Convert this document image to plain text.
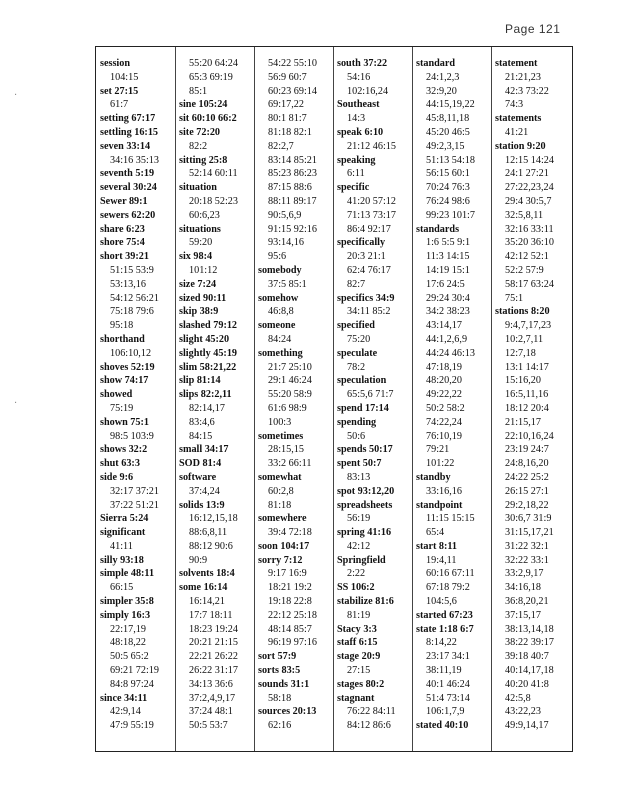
Page 121
·
·
session
104:15
set 27:15
61:7
setting 67:17
settling 16:15
seven 33:14
34:16 35:13
seventh 5:19
several 30:24
Sewer 89:1
sewers 62:20
share 6:23
shore 75:4
short 39:21
51:15 53:9
53:13,16
54:12 56:21
75:18 79:6
95:18
shorthand
106:10,12
shoves 52:19
show 74:17
showed
75:19
shown 75:1
98:5 103:9
shows 32:2
shut 63:3
side 9:6
32:17 37:21
37:22 51:21
Sierra 5:24
significant
41:11
silly 93:18
simple 48:11
66:15
simpler 35:8
simply 16:3
22:17,19
48:18,22
50:5 65:2
69:21 72:19
84:8 97:24
since 34:11
42:9,14
47:9 55:19
55:20 64:24
65:3 69:19
85:1
sine 105:24
sit 60:10 66:2
site 72:20
82:2
sitting 25:8
52:14 60:11
situation
20:18 52:23
60:6,23
situations
59:20
six 98:4
101:12
size 7:24
sized 90:11
skip 38:9
slashed 79:12
slight 45:20
slightly 45:19
slim 58:21,22
slip 81:14
slips 82:2,11
82:14,17
83:4,6
84:15
small 34:17
SOD 81:4
software
37:4,24
solids 13:9
16:12,15,18
88:6,8,11
88:12 90:6
90:9
solvents 18:4
some 16:14
16:14,21
17:7 18:11
18:23 19:24
20:21 21:15
22:21 26:22
26:22 31:17
34:13 36:6
37:2,4,9,17
37:24 48:1
50:5 53:7
54:22 55:10
56:9 60:7
60:23 69:14
69:17,22
80:1 81:7
81:18 82:1
82:2,7
83:14 85:21
85:23 86:23
87:15 88:6
88:11 89:17
90:5,6,9
91:15 92:16
93:14,16
95:6
somebody
37:5 85:1
somehow
46:8,8
someone
84:24
something
21:7 25:10
29:1 46:24
55:20 58:9
61:6 98:9
100:3
sometimes
28:15,15
33:2 66:11
somewhat
60:2,8
81:18
somewhere
39:4 72:18
soon 104:17
sorry 7:12
9:17 16:9
18:21 19:2
19:18 22:8
22:12 25:18
48:14 85:7
96:19 97:16
sort 57:9
sorts 83:5
sounds 31:1
58:18
sources 20:13
62:16
south 37:22
54:16
102:16,24
Southeast
14:3
speak 6:10
21:12 46:15
speaking
6:11
specific
41:20 57:12
71:13 73:17
86:4 92:17
specifically
20:3 21:1
62:4 76:17
82:7
specifics 34:9
34:11 85:2
specified
75:20
speculate
78:2
speculation
65:5,6 71:7
spend 17:14
spending
50:6
spends 50:17
spent 50:7
83:13
spot 93:12,20
spreadsheets
56:19
spring 41:16
42:12
Springfield
2:22
SS 106:2
stabilize 81:6
81:19
Stacy 3:3
staff 6:15
stage 20:9
27:15
stages 80:2
stagnant
76:22 84:11
84:12 86:6
standard
24:1,2,3
32:9,20
44:15,19,22
45:8,11,18
45:20 46:5
49:2,3,15
51:13 54:18
56:15 60:1
70:24 76:3
76:24 98:6
99:23 101:7
standards
1:6 5:5 9:1
11:3 14:15
14:19 15:1
17:6 24:5
29:24 30:4
34:2 38:23
43:14,17
44:1,2,6,9
44:24 46:13
47:18,19
48:20,20
49:22,22
50:2 58:2
74:22,24
76:10,19
79:21
101:22
standby
33:16,16
standpoint
11:15 15:15
65:4
start 8:11
19:4,11
60:16 67:11
67:18 79:2
104:5,6
started 67:23
state 1:18 6:7
8:14,22
23:17 34:1
38:11,19
40:1 46:24
51:4 73:14
106:1,7,9
stated 40:10
statement
21:21,23
42:3 73:22
74:3
statements
41:21
station 9:20
12:15 14:24
24:1 27:21
27:22,23,24
29:4 30:5,7
32:5,8,11
32:16 33:11
35:20 36:10
42:12 52:1
52:2 57:9
58:17 63:24
75:1
stations 8:20
9:4,7,17,23
10:2,7,11
12:7,18
13:1 14:17
15:16,20
16:5,11,16
18:12 20:4
21:15,17
22:10,16,24
23:19 24:7
24:8,16,20
24:22 25:2
26:15 27:1
29:2,18,22
30:6,7 31:9
31:15,17,21
31:22 32:1
32:22 33:1
33:2,9,17
34:16,18
36:8,20,21
37:15,17
38:13,14,18
38:22 39:17
39:18 40:7
40:14,17,18
40:20 41:8
42:5,8
43:22,23
49:9,14,17
